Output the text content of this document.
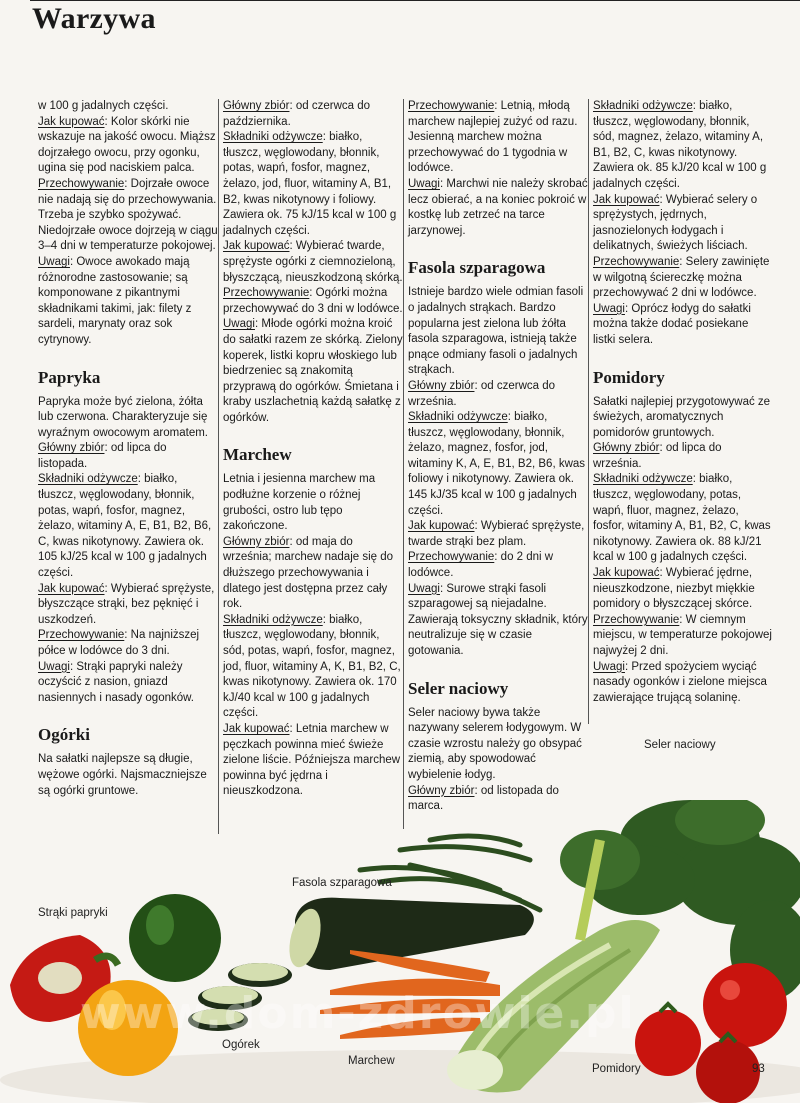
Warzywa

w 100 g jadalnych części.

Jak kupować: Kolor skórki nie wskazuje na jakość owocu. Miąższ dojrzałego owocu, przy ogonku, ugina się pod naciskiem palca.

Przechowywanie: Dojrzałe owoce nie nadają się do przechowywania. Trzeba je szybko spożywać. Niedojrzałe owoce dojrzeją w ciągu 3–4 dni w temperaturze pokojowej.

Uwagi: Owoce awokado mają różnorodne zastosowanie; są komponowane z pikantnymi składnikami takimi, jak: filety z sardeli, marynaty oraz sok cytrynowy.

Papryka

Papryka może być zielona, żółta lub czerwona. Charakteryzuje się wyraźnym owocowym aromatem.

Główny zbiór: od lipca do listopada.

Składniki odżywcze: białko, tłuszcz, węglowodany, błonnik, potas, wapń, fosfor, magnez, żelazo, witaminy A, E, B1, B2, B6, C, kwas nikotynowy. Zawiera ok. 105 kJ/25 kcal w 100 g jadalnych części.

Jak kupować: Wybierać sprężyste, błyszczące strąki, bez pęknięć i uszkodzeń.

Przechowywanie: Na najniższej półce w lodówce do 3 dni.

Uwagi: Strąki papryki należy oczyścić z nasion, gniazd nasiennych i nasady ogonków.

Ogórki

Na sałatki najlepsze są długie, wężowe ogórki. Najsmaczniejsze są ogórki gruntowe.

Główny zbiór: od czerwca do października.

Składniki odżywcze: białko, tłuszcz, węglowodany, błonnik, potas, wapń, fosfor, magnez, żelazo, jod, fluor, witaminy A, B1, B2, kwas nikotynowy i foliowy. Zawiera ok. 75 kJ/15 kcal w 100 g jadalnych części.

Jak kupować: Wybierać twarde, sprężyste ogórki z ciemnozieloną, błyszczącą, nieuszkodzoną skórką.

Przechowywanie: Ogórki można przechowywać do 3 dni w lodówce.

Uwagi: Młode ogórki można kroić do sałatki razem ze skórką. Zielony koperek, listki kopru włoskiego lub biedrzeniec są znakomitą przyprawą do ogórków. Śmietana i kraby uszlachetnią każdą sałatkę z ogórków.

Marchew

Letnia i jesienna marchew ma podłużne korzenie o różnej grubości, ostro lub tępo zakończone.

Główny zbiór: od maja do września; marchew nadaje się do dłuższego przechowywania i dlatego jest dostępna przez cały rok.

Składniki odżywcze: białko, tłuszcz, węglowodany, błonnik, sód, potas, wapń, fosfor, magnez, jod, fluor, witaminy A, K, B1, B2, C, kwas nikotynowy. Zawiera ok. 170 kJ/40 kcal w 100 g jadalnych części.

Jak kupować: Letnia marchew w pęczkach powinna mieć świeże zielone liście. Późniejsza marchew powinna być jędrna i nieuszkodzona.

Przechowywanie: Letnią, młodą marchew najlepiej zużyć od razu. Jesienną marchew można przechowywać do 1 tygodnia w lodówce.

Uwagi: Marchwi nie należy skrobać lecz obierać, a na koniec pokroić w kostkę lub zetrzeć na tarce jarzynowej.

Fasola szparagowa

Istnieje bardzo wiele odmian fasoli o jadalnych strąkach. Bardzo popularna jest zielona lub żółta fasola szparagowa, istnieją także pnące odmiany fasoli o jadalnych strąkach.

Główny zbiór: od czerwca do września.

Składniki odżywcze: białko, tłuszcz, węglowodany, błonnik, żelazo, magnez, fosfor, jod, witaminy K, A, E, B1, B2, B6, kwas foliowy i nikotynowy. Zawiera ok. 145 kJ/35 kcal w 100 g jadalnych części.

Jak kupować: Wybierać sprężyste, twarde strąki bez plam.

Przechowywanie: do 2 dni w lodówce.

Uwagi: Surowe strąki fasoli szparagowej są niejadalne. Zawierają toksyczny składnik, który neutralizuje się w czasie gotowania.

Seler naciowy

Seler naciowy bywa także nazywany selerem łodygowym. W czasie wzrostu należy go obsypać ziemią, aby spowodować wybielenie łodyg.

Główny zbiór: od listopada do marca.

Składniki odżywcze: białko, tłuszcz, węglowodany, błonnik, sód, magnez, żelazo, witaminy A, B1, B2, C, kwas nikotynowy. Zawiera ok. 85 kJ/20 kcal w 100 g jadalnych części.

Jak kupować: Wybierać selery o sprężystych, jędrnych, jasnozielonych łodygach i delikatnych, świeżych liściach.

Przechowywanie: Selery zawinięte w wilgotną ściereczkę można przechowywać 2 dni w lodówce.

Uwagi: Oprócz łodyg do sałatki można także dodać posiekane listki selera.

Pomidory

Sałatki najlepiej przygotowywać ze świeżych, aromatycznych pomidorów gruntowych.

Główny zbiór: od lipca do września.

Składniki odżywcze: białko, tłuszcz, węglowodany, potas, wapń, fluor, magnez, żelazo, fosfor, witaminy A, B1, B2, C, kwas nikotynowy. Zawiera ok. 88 kJ/21 kcal w 100 g jadalnych części.

Jak kupować: Wybierać jędrne, nieuszkodzone, niezbyt miękkie pomidory o błyszczącej skórce.

Przechowywanie: W ciemnym miejscu, w temperaturze pokojowej najwyżej 2 dni.

Uwagi: Przed spożyciem wyciąć nasady ogonków i zielone miejsca zawierające trującą solaninę.

www.dom-zdrowie.pl
Seler naciowy
Fasola szparagowa
Strąki papryki
Ogórek
Marchew
Pomidory	93
